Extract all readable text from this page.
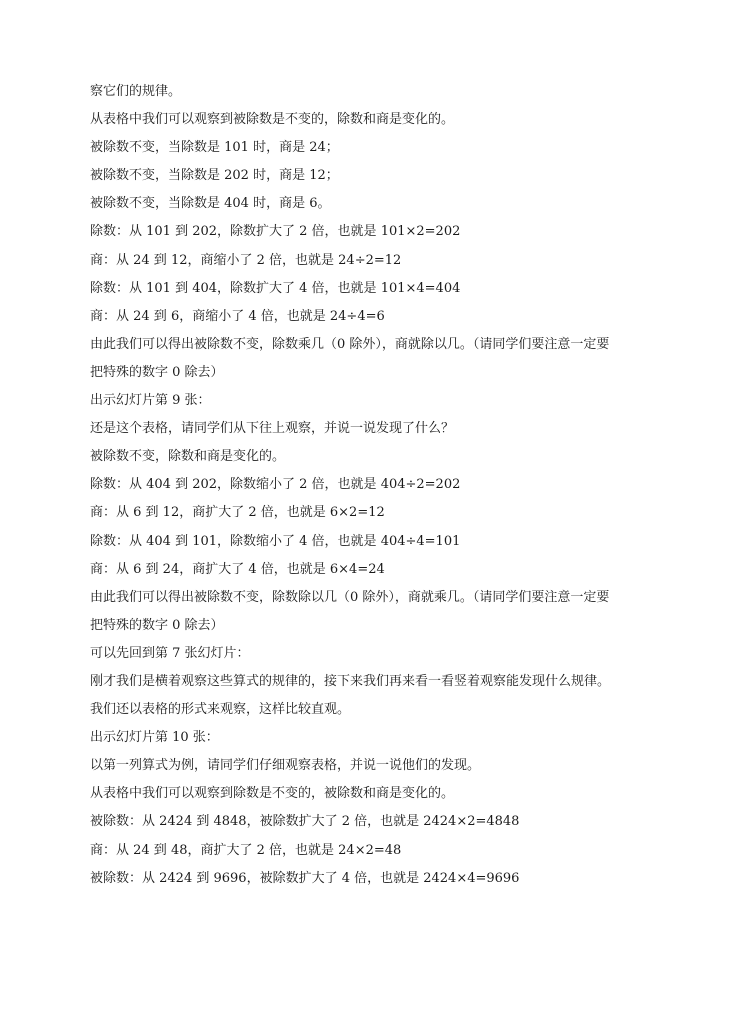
察它们的规律。
从表格中我们可以观察到被除数是不变的，除数和商是变化的。
被除数不变，当除数是 101 时，商是 24；
被除数不变，当除数是 202 时，商是 12；
被除数不变，当除数是 404 时，商是 6。
除数：从 101 到 202，除数扩大了 2 倍，也就是 101×2=202
商：从 24 到 12，商缩小了 2 倍，也就是 24÷2=12
除数：从 101 到 404，除数扩大了 4 倍，也就是 101×4=404
商：从 24 到 6，商缩小了 4 倍，也就是 24÷4=6
由此我们可以得出被除数不变，除数乘几（0 除外），商就除以几。（请同学们要注意一定要
把特殊的数字 0 除去）
出示幻灯片第 9 张：
还是这个表格，请同学们从下往上观察，并说一说发现了什么？
被除数不变，除数和商是变化的。
除数：从 404 到 202，除数缩小了 2 倍，也就是 404÷2=202
商：从 6 到 12，商扩大了 2 倍，也就是 6×2=12
除数：从 404 到 101，除数缩小了 4 倍，也就是 404÷4=101
商：从 6 到 24，商扩大了 4 倍，也就是 6×4=24
由此我们可以得出被除数不变，除数除以几（0 除外），商就乘几。（请同学们要注意一定要
把特殊的数字 0 除去）
可以先回到第 7 张幻灯片：
刚才我们是横着观察这些算式的规律的，接下来我们再来看一看竖着观察能发现什么规律。
我们还以表格的形式来观察，这样比较直观。
出示幻灯片第 10 张：
以第一列算式为例，请同学们仔细观察表格，并说一说他们的发现。
从表格中我们可以观察到除数是不变的，被除数和商是变化的。
被除数：从 2424 到 4848，被除数扩大了 2 倍，也就是 2424×2=4848
商：从 24 到 48，商扩大了 2 倍，也就是 24×2=48
被除数：从 2424 到 9696，被除数扩大了 4 倍，也就是 2424×4=9696
